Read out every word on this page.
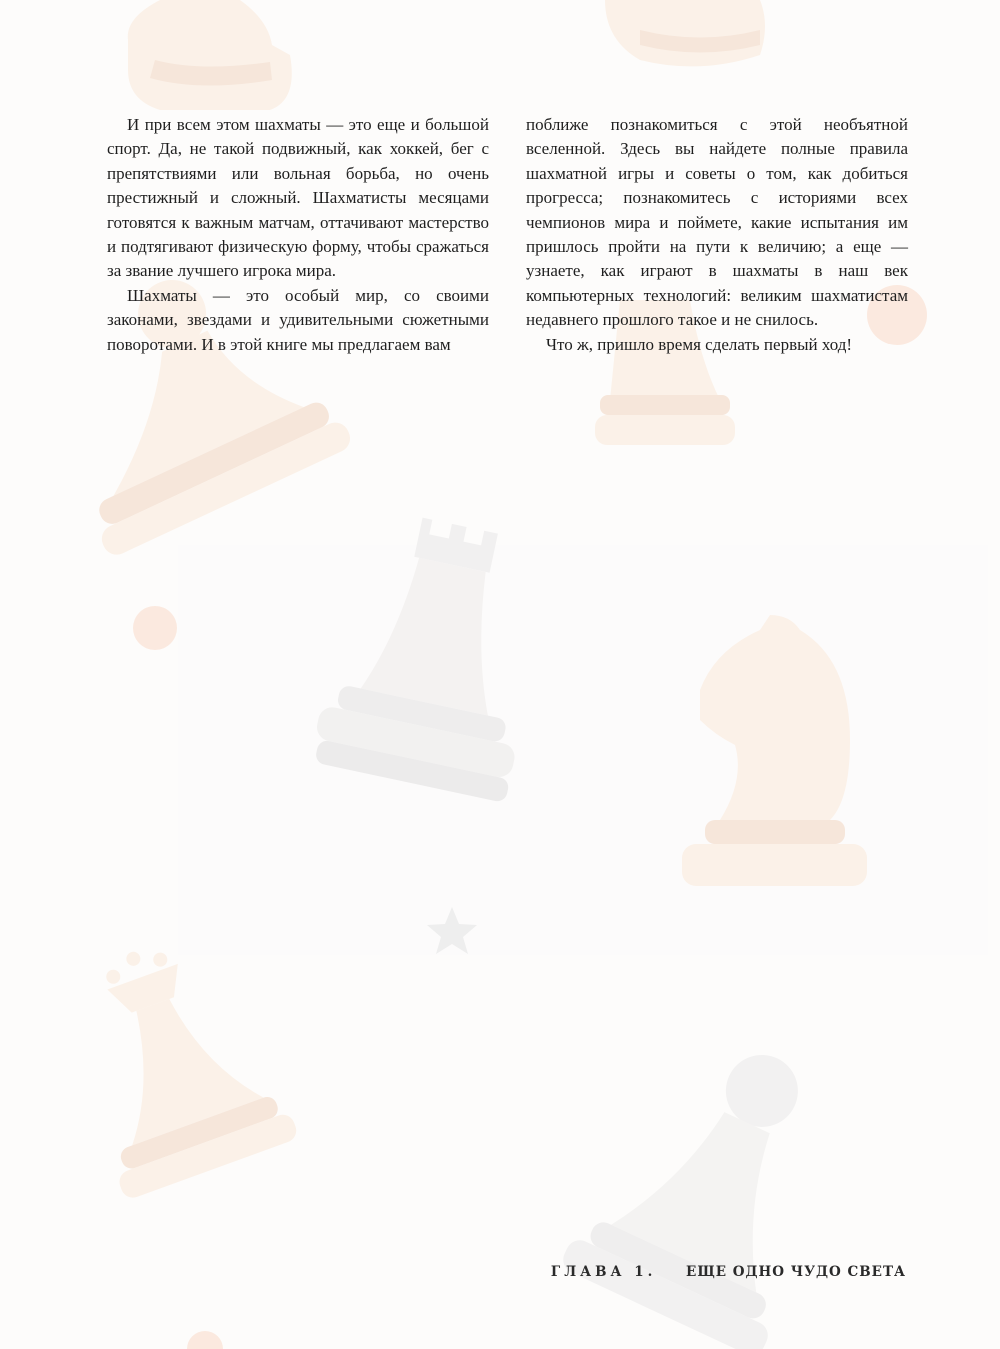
И при всем этом шахматы — это еще и большой спорт. Да, не такой подвижный, как хоккей, бег с препятствиями или вольная борьба, но очень престижный и сложный. Шахматисты месяцами готовятся к важным матчам, оттачивают мастерство и подтягивают физическую форму, чтобы сражаться за звание лучшего игрока мира.

Шахматы — это особый мир, со своими законами, звездами и удивительными сюжетными поворотами. И в этой книге мы предлагаем вам

поближе познакомиться с этой необъятной вселенной. Здесь вы найдете полные правила шахматной игры и советы о том, как добиться прогресса; познакомитесь с историями всех чемпионов мира и поймете, какие испытания им пришлось пройти на пути к величию; а еще — узнаете, как играют в шахматы в наш век компьютерных технологий: великим шахматистам недавнего прошлого такое и не снилось.

Что ж, пришло время сделать первый ход!

ГЛАВА 1. ЕЩЕ ОДНО ЧУДО СВЕТА
